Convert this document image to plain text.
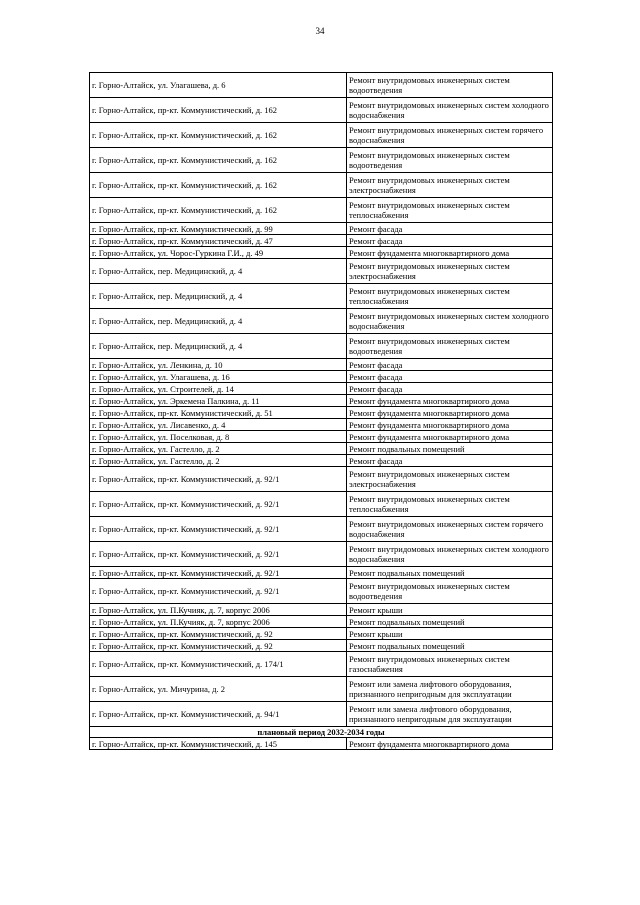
34
г. Горно-Алтайск, ул. Улагашева, д. 6	Ремонт внутридомовых инженерных систем водоотведения
г. Горно-Алтайск, пр-кт. Коммунистический, д. 162	Ремонт внутридомовых инженерных систем холодного водоснабжения
г. Горно-Алтайск, пр-кт. Коммунистический, д. 162	Ремонт внутридомовых инженерных систем горячего водоснабжения
г. Горно-Алтайск, пр-кт. Коммунистический, д. 162	Ремонт внутридомовых инженерных систем водоотведения
г. Горно-Алтайск, пр-кт. Коммунистический, д. 162	Ремонт внутридомовых инженерных систем электроснабжения
г. Горно-Алтайск, пр-кт. Коммунистический, д. 162	Ремонт внутридомовых инженерных систем теплоснабжения
г. Горно-Алтайск, пр-кт. Коммунистический, д. 99	Ремонт фасада
г. Горно-Алтайск, пр-кт. Коммунистический, д. 47	Ремонт фасада
г. Горно-Алтайск, ул. Чорос-Гуркина Г.И., д. 49	Ремонт фундамента многоквартирного дома
г. Горно-Алтайск, пер. Медицинский, д. 4	Ремонт внутридомовых инженерных систем электроснабжения
г. Горно-Алтайск, пер. Медицинский, д. 4	Ремонт внутридомовых инженерных систем теплоснабжения
г. Горно-Алтайск, пер. Медицинский, д. 4	Ремонт внутридомовых инженерных систем холодного водоснабжения
г. Горно-Алтайск, пер. Медицинский, д. 4	Ремонт внутридомовых инженерных систем водоотведения
г. Горно-Алтайск, ул. Ленкина, д. 10	Ремонт фасада
г. Горно-Алтайск, ул. Улагашева, д. 16	Ремонт фасада
г. Горно-Алтайск, ул. Строителей, д. 14	Ремонт фасада
г. Горно-Алтайск, ул. Эркемена Палкина, д. 11	Ремонт фундамента многоквартирного дома
г. Горно-Алтайск, пр-кт. Коммунистический, д. 51	Ремонт фундамента многоквартирного дома
г. Горно-Алтайск, ул. Лисавенко, д. 4	Ремонт фундамента многоквартирного дома
г. Горно-Алтайск, ул. Поселковая, д. 8	Ремонт фундамента многоквартирного дома
г. Горно-Алтайск, ул. Гастелло, д. 2	Ремонт подвальных помещений
г. Горно-Алтайск, ул. Гастелло, д. 2	Ремонт фасада
г. Горно-Алтайск, пр-кт. Коммунистический, д. 92/1	Ремонт внутридомовых инженерных систем электроснабжения
г. Горно-Алтайск, пр-кт. Коммунистический, д. 92/1	Ремонт внутридомовых инженерных систем теплоснабжения
г. Горно-Алтайск, пр-кт. Коммунистический, д. 92/1	Ремонт внутридомовых инженерных систем горячего водоснабжения
г. Горно-Алтайск, пр-кт. Коммунистический, д. 92/1	Ремонт внутридомовых инженерных систем холодного водоснабжения
г. Горно-Алтайск, пр-кт. Коммунистический, д. 92/1	Ремонт подвальных помещений
г. Горно-Алтайск, пр-кт. Коммунистический, д. 92/1	Ремонт внутридомовых инженерных систем водоотведения
г. Горно-Алтайск, ул. П.Кучияк, д. 7, корпус 2006	Ремонт крыши
г. Горно-Алтайск, ул. П.Кучияк, д. 7, корпус 2006	Ремонт подвальных помещений
г. Горно-Алтайск, пр-кт. Коммунистический, д. 92	Ремонт крыши
г. Горно-Алтайск, пр-кт. Коммунистический, д. 92	Ремонт подвальных помещений
г. Горно-Алтайск, пр-кт. Коммунистический, д. 174/1	Ремонт внутридомовых инженерных систем газоснабжения
г. Горно-Алтайск, ул. Мичурина, д. 2	Ремонт или замена лифтового оборудования, признанного непригодным для эксплуатации
г. Горно-Алтайск, пр-кт. Коммунистический, д. 94/1	Ремонт или замена лифтового оборудования, признанного непригодным для эксплуатации
плановый период 2032-2034 годы	
г. Горно-Алтайск, пр-кт. Коммунистический, д. 145	Ремонт фундамента многоквартирного дома
